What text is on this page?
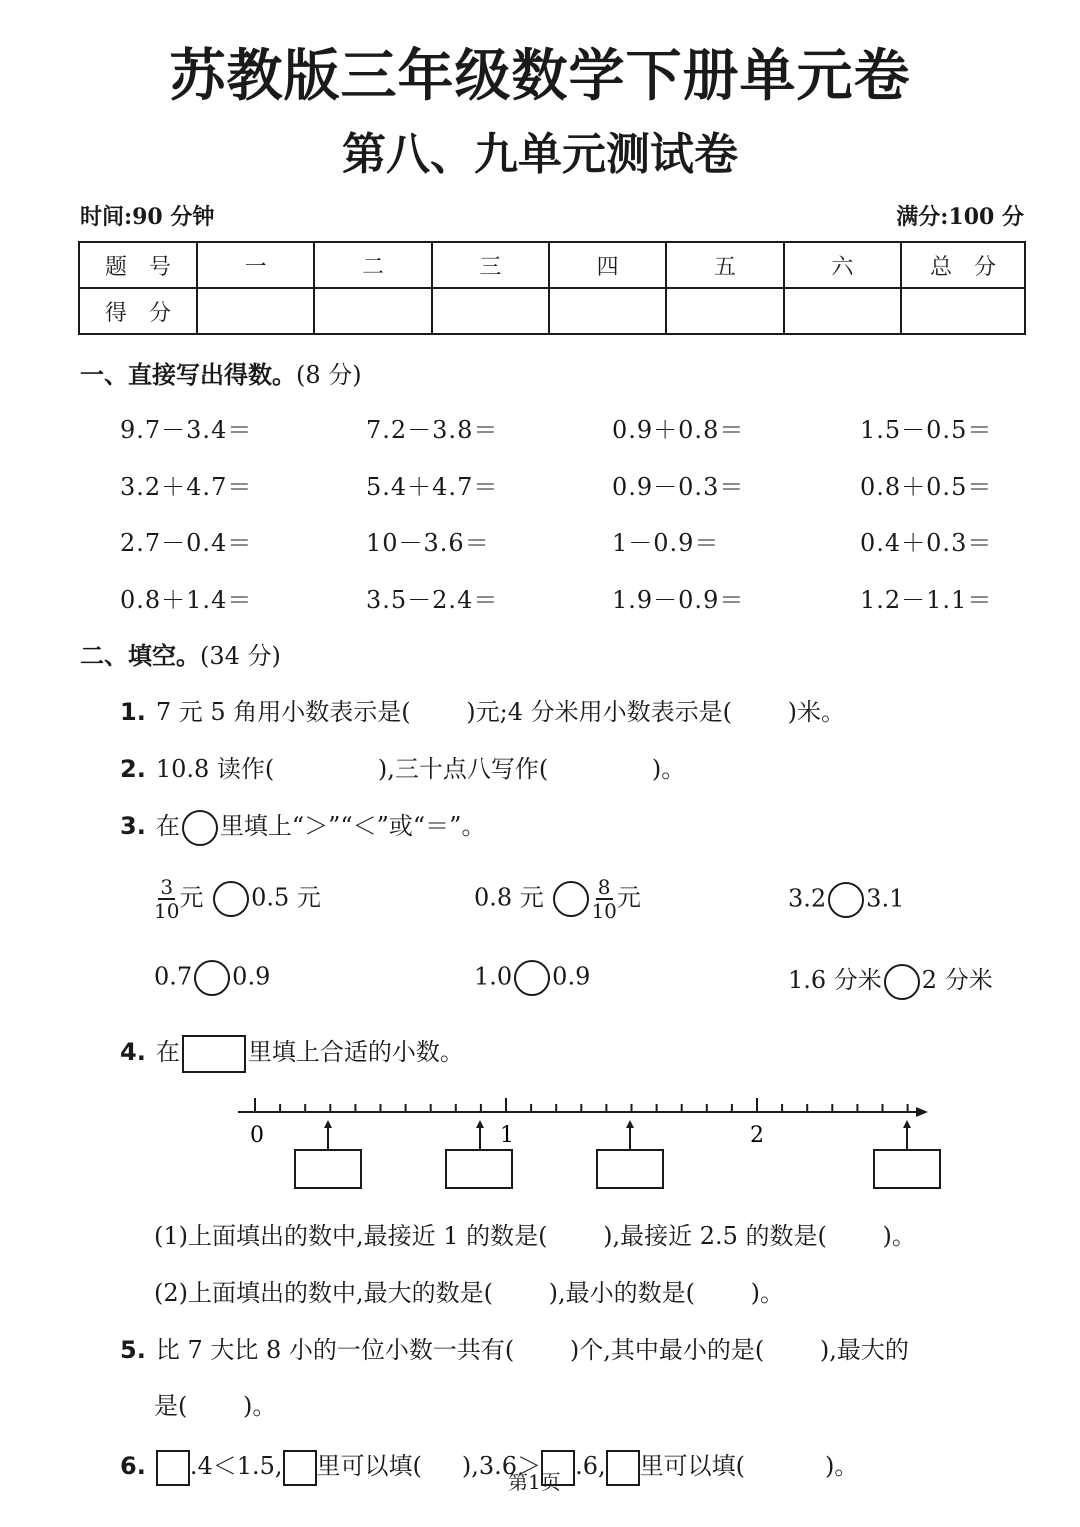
苏教版三年级数学下册单元卷
第八、九单元测试卷
时间:90 分钟	满分:100 分
题　号	一	二	三	四	五	六	总　分
得　分							
一、直接写出得数。(8 分)
9.7－3.4＝	7.2－3.8＝	0.9＋0.8＝	1.5－0.5＝
3.2＋4.7＝	5.4＋4.7＝	0.9－0.3＝	0.8＋0.5＝
2.7－0.4＝	10－3.6＝	1－0.9＝	0.4＋0.3＝
0.8＋1.4＝	3.5－2.4＝	1.9－0.9＝	1.2－1.1＝
二、填空。(34 分)
1. 7 元 5 角用小数表示是(　　 )元;4 分米用小数表示是(　　 )米。
2. 10.8 读作(　　　　 ),三十点八写作(　　　　 )。
3. 在 里填上“＞”“＜”或“＝”。
$\frac{3}{10}$ 元 0.5 元	0.8 元 $\frac{8}{10}$ 元	3.2 3.1
0.7 0.9	1.0 0.9	1.6 分米 2 分米
4. 在	里填上合适的小数。
0	1	2
(1)上面填出的数中,最接近 1 的数是(　　 ),最接近 2.5 的数是(　　 )。
(2)上面填出的数中,最大的数是(　　 ),最小的数是(　　 )。
5. 比 7 大比 8 小的一位小数一共有(　　 )个,其中最小的是(　　 ),最大的
是(　　 )。
6. .4＜1.5, 里可以填( ),3.6＞ .6, 里可以填(	)。
第1页
